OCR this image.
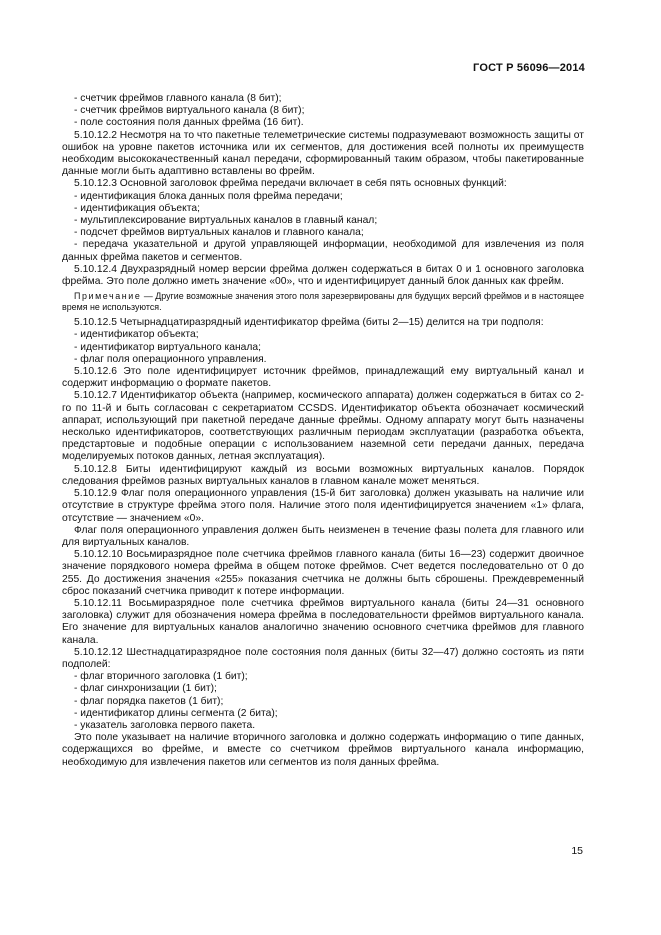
ГОСТ Р 56096—2014

- счетчик фреймов главного канала (8 бит);

- счетчик фреймов виртуального канала (8 бит);

- поле состояния поля данных фрейма (16 бит).

5.10.12.2 Несмотря на то что пакетные телеметрические системы подразумевают возможность защиты от ошибок на уровне пакетов источника или их сегментов, для достижения всей полноты их преимуществ необходим высококачественный канал передачи, сформированный таким образом, чтобы пакетированные данные могли быть адаптивно вставлены во фрейм.

5.10.12.3 Основной заголовок фрейма передачи включает в себя пять основных функций:

- идентификация блока данных поля фрейма передачи;

- идентификация объекта;

- мультиплексирование виртуальных каналов в главный канал;

- подсчет фреймов виртуальных каналов и главного канала;

- передача указательной и другой управляющей информации, необходимой для извлечения из поля данных фрейма пакетов и сегментов.

5.10.12.4 Двухразрядный номер версии фрейма должен содержаться в битах 0 и 1 основного заголовка фрейма. Это поле должно иметь значение «00», что и идентифицирует данный блок данных как фрейм.

Примечание — Другие возможные значения этого поля зарезервированы для будущих версий фреймов и в настоящее время не используются.

5.10.12.5 Четырнадцатиразрядный идентификатор фрейма (биты 2—15) делится на три подполя:

- идентификатор объекта;

- идентификатор виртуального канала;

- флаг поля операционного управления.

5.10.12.6 Это поле идентифицирует источник фреймов, принадлежащий ему виртуальный канал и содержит информацию о формате пакетов.

5.10.12.7 Идентификатор объекта (например, космического аппарата) должен содержаться в битах со 2-го по 11-й и быть согласован с секретариатом CCSDS. Идентификатор объекта обозначает космический аппарат, использующий при пакетной передаче данные фреймы. Одному аппарату могут быть назначены несколько идентификаторов, соответствующих различным периодам эксплуатации (разработка объекта, предстартовые и подобные операции с использованием наземной сети передачи данных, передача моделируемых потоков данных, летная эксплуатация).

5.10.12.8 Биты идентифицируют каждый из восьми возможных виртуальных каналов. Порядок следования фреймов разных виртуальных каналов в главном канале может меняться.

5.10.12.9 Флаг поля операционного управления (15-й бит заголовка) должен указывать на наличие или отсутствие в структуре фрейма этого поля. Наличие этого поля идентифицируется значением «1» флага, отсутствие — значением «0».

Флаг поля операционного управления должен быть неизменен в течение фазы полета для главного или для виртуальных каналов.

5.10.12.10 Восьмиразрядное поле счетчика фреймов главного канала (биты 16—23) содержит двоичное значение порядкового номера фрейма в общем потоке фреймов. Счет ведется последовательно от 0 до 255. До достижения значения «255» показания счетчика не должны быть сброшены. Преждевременный сброс показаний счетчика приводит к потере информации.

5.10.12.11 Восьмиразрядное поле счетчика фреймов виртуального канала (биты 24—31 основного заголовка) служит для обозначения номера фрейма в последовательности фреймов виртуального канала. Его значение для виртуальных каналов аналогично значению основного счетчика фреймов для главного канала.

5.10.12.12 Шестнадцатиразрядное поле состояния поля данных (биты 32—47) должно состоять из пяти подполей:

- флаг вторичного заголовка (1 бит);

- флаг синхронизации (1 бит);

- флаг порядка пакетов (1 бит);

- идентификатор длины сегмента (2 бита);

- указатель заголовка первого пакета.

Это поле указывает на наличие вторичного заголовка и должно содержать информацию о типе данных, содержащихся во фрейме, и вместе со счетчиком фреймов виртуального канала информацию, необходимую для извлечения пакетов или сегментов из поля данных фрейма.

15
